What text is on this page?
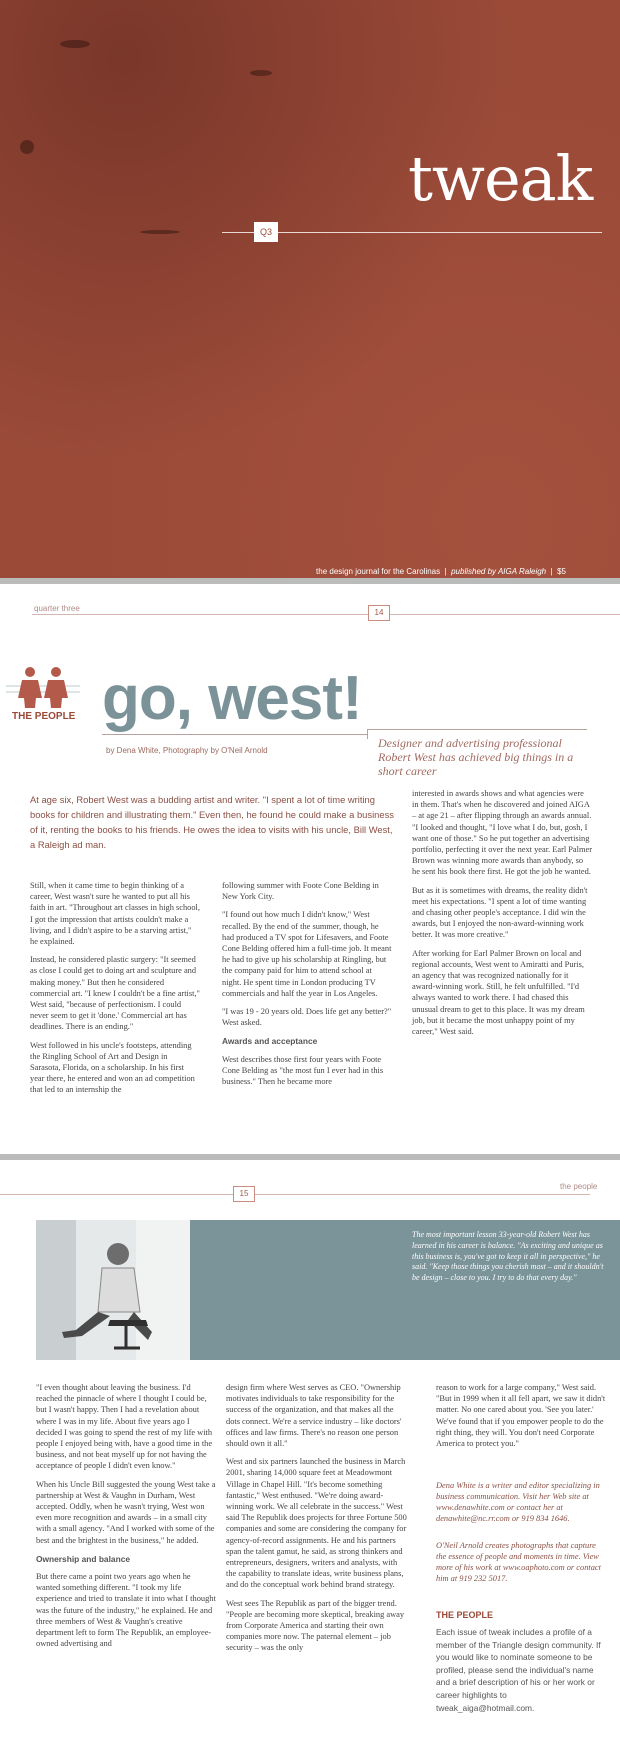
tweak
Q3
the design journal for the Carolinas  |  published by AIGA Raleigh  |  $5
quarter three	14
THE PEOPLE go, west!
by Dena White, Photography by O'Neil Arnold
Designer and advertising professional Robert West has achieved big things in a short career

At age six, Robert West was a budding artist and writer. "I spent a lot of time writing books for children and illustrating them." Even then, he found he could make a business of it, renting the books to his friends. He owes the idea to visits with his uncle, Bill West, a Raleigh ad man.

Still, when it came time to begin thinking of a career, West wasn't sure he wanted to put all his faith in art. "Throughout art classes in high school, I got the impression that artists couldn't make a living, and I didn't aspire to be a starving artist," he explained.

Instead, he considered plastic surgery: "It seemed as close I could get to doing art and sculpture and making money." But then he considered commercial art. "I knew I couldn't be a fine artist," West said, "because of perfectionism. I could never seem to get it 'done.' Commercial art has deadlines. There is an ending."

West followed in his uncle's footsteps, attending the Ringling School of Art and Design in Sarasota, Florida, on a scholarship. In his first year there, he entered and won an ad competition that led to an internship the

following summer with Foote Cone Belding in New York City.

"I found out how much I didn't know," West recalled. By the end of the summer, though, he had produced a TV spot for Lifesavers, and Foote Cone Belding offered him a full-time job. It meant he had to give up his scholarship at Ringling, but the company paid for him to attend school at night. He spent time in London producing TV commercials and half the year in Los Angeles.

"I was 19 - 20 years old. Does life get any better?" West asked.

Awards and acceptance

West describes those first four years with Foote Cone Belding as "the most fun I ever had in this business." Then he became more

interested in awards shows and what agencies were in them. That's when he discovered and joined AIGA – at age 21 – after flipping through an awards annual. "I looked and thought, "I love what I do, but, gosh, I want one of those." So he put together an advertising portfolio, perfecting it over the next year. Earl Palmer Brown was winning more awards than anybody, so he sent his book there first. He got the job he wanted.

But as it is sometimes with dreams, the reality didn't meet his expectations. "I spent a lot of time wanting and chasing other people's acceptance. I did win the awards, but I enjoyed the non-award-winning work better. It was more creative."

After working for Earl Palmer Brown on local and regional accounts, West went to Amiratti and Puris, an agency that was recognized nationally for it award-winning work. Still, he felt unfulfilled. "I'd always wanted to work there. I had chased this unusual dream to get to this place. It was my dream job, but it became the most unhappy point of my career," West said.

15
the people

The most important lesson 33-year-old Robert West has learned in his career is balance. "As exciting and unique as this business is, you've got to keep it all in perspective," he said. "Keep those things you cherish most – and it shouldn't be design – close to you. I try to do that every day."

"I even thought about leaving the business. I'd reached the pinnacle of where I thought I could be, but I wasn't happy. Then I had a revelation about where I was in my life. About five years ago I decided I was going to spend the rest of my life with people I enjoyed being with, have a good time in the business, and not beat myself up for not having the acceptance of people I didn't even know."

When his Uncle Bill suggested the young West take a partnership at West & Vaughn in Durham, West accepted. Oddly, when he wasn't trying, West won even more recognition and awards – in a small city with a small agency. "And I worked with some of the best and the brightest in the business," he added.

Ownership and balance

But there came a point two years ago when he wanted something different. "I took my life experience and tried to translate it into what I thought was the future of the industry," he explained. He and three members of West & Vaughn's creative department left to form The Republik, an employee-owned advertising and

design firm where West serves as CEO. "Ownership motivates individuals to take responsibility for the success of the organization, and that makes all the dots connect. We're a service industry – like doctors' offices and law firms. There's no reason one person should own it all."

West and six partners launched the business in March 2001, sharing 14,000 square feet at Meadowmont Village in Chapel Hill. "It's become something fantastic," West enthused. "We're doing award-winning work. We all celebrate in the success." West said The Republik does projects for three Fortune 500 companies and some are considering the company for agency-of-record assignments. He and his partners span the talent gamut, he said, as strong thinkers and entrepreneurs, designers, writers and analysts, with the capability to translate ideas, write business plans, and do the conceptual work behind brand strategy.

West sees The Republik as part of the bigger trend. "People are becoming more skeptical, breaking away from Corporate America and starting their own companies more now. The paternal element – job security – was the only

reason to work for a large company," West said. "But in 1999 when it all fell apart, we saw it didn't matter. No one cared about you. 'See you later.' We've found that if you empower people to do the right thing, they will. You don't need Corporate America to protect you."

Dena White is a writer and editor specializing in business communication. Visit her Web site at www.denawhite.com or contact her at denawhite@nc.rr.com or 919 834 1646.

O'Neil Arnold creates photographs that capture the essence of people and moments in time. View more of his work at www.oaphoto.com or contact him at 919 232 5017.

THE PEOPLE

Each issue of tweak includes a profile of a member of the Triangle design community. If you would like to nominate someone to be profiled, please send the individual's name and a brief description of his or her work or career highlights to tweak_aiga@hotmail.com.
